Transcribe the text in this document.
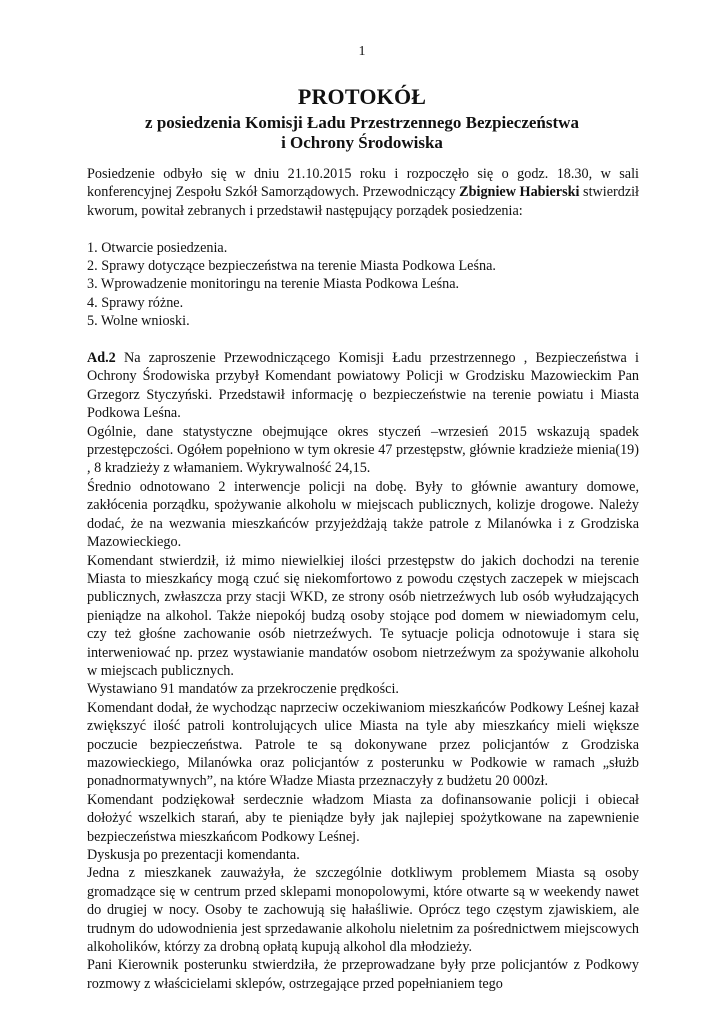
1
PROTOKÓŁ
z posiedzenia Komisji Ładu Przestrzennego Bezpieczeństwa
i Ochrony Środowiska

Posiedzenie odbyło się w dniu 21.10.2015 roku i rozpoczęło się o godz. 18.30, w sali konferencyjnej Zespołu Szkół Samorządowych. Przewodniczący Zbigniew Habierski stwierdził kworum, powitał zebranych i przedstawił następujący porządek posiedzenia:

1. Otwarcie posiedzenia.

2. Sprawy dotyczące bezpieczeństwa na terenie Miasta Podkowa Leśna.

3. Wprowadzenie monitoringu na terenie Miasta Podkowa Leśna.

4. Sprawy różne.

5. Wolne wnioski.

Ad.2 Na zaproszenie Przewodniczącego Komisji Ładu przestrzennego , Bezpieczeństwa i Ochrony Środowiska przybył Komendant powiatowy Policji w Grodzisku Mazowieckim Pan Grzegorz Styczyński. Przedstawił informację o bezpieczeństwie na terenie powiatu i Miasta Podkowa Leśna.

Ogólnie, dane statystyczne obejmujące okres styczeń –wrzesień 2015 wskazują spadek przestępczości. Ogółem popełniono w tym okresie 47 przestępstw, głównie kradzieże mienia(19) , 8 kradzieży z włamaniem. Wykrywalność 24,15.

Średnio odnotowano 2 interwencje policji na dobę. Były to głównie awantury domowe, zakłócenia porządku, spożywanie alkoholu w miejscach publicznych, kolizje drogowe. Należy dodać, że na wezwania mieszkańców przyjeżdżają także patrole z Milanówka i z Grodziska Mazowieckiego.

Komendant stwierdził, iż mimo niewielkiej ilości przestępstw do jakich dochodzi na terenie Miasta to mieszkańcy mogą czuć się niekomfortowo z powodu częstych zaczepek w miejscach publicznych, zwłaszcza przy stacji WKD, ze strony osób nietrzeźwych lub osób wyłudzających pieniądze na alkohol. Także niepokój budzą osoby stojące pod domem w niewiadomym celu, czy też głośne zachowanie osób nietrzeźwych. Te sytuacje policja odnotowuje i stara się interweniować np. przez wystawianie mandatów osobom nietrzeźwym za spożywanie alkoholu w miejscach publicznych.

Wystawiano 91 mandatów za przekroczenie prędkości.

Komendant dodał, że wychodząc naprzeciw oczekiwaniom mieszkańców Podkowy Leśnej kazał zwiększyć ilość patroli kontrolujących ulice Miasta na tyle aby mieszkańcy mieli większe poczucie bezpieczeństwa. Patrole te są dokonywane przez policjantów z Grodziska mazowieckiego, Milanówka oraz policjantów z posterunku w Podkowie w ramach „służb ponadnormatywnych”, na które Władze Miasta przeznaczyły z budżetu 20 000zł.

Komendant podziękował serdecznie władzom Miasta za dofinansowanie policji i obiecał dołożyć wszelkich starań, aby te pieniądze były jak najlepiej spożytkowane na zapewnienie bezpieczeństwa mieszkańcom Podkowy Leśnej.

Dyskusja po prezentacji komendanta.

Jedna z mieszkanek zauważyła, że szczególnie dotkliwym problemem Miasta są osoby gromadzące się w centrum przed sklepami monopolowymi, które otwarte są w weekendy nawet do drugiej w nocy. Osoby te zachowują się hałaśliwie. Oprócz tego częstym zjawiskiem, ale trudnym do udowodnienia jest sprzedawanie alkoholu nieletnim za pośrednictwem miejscowych alkoholików, którzy za drobną opłatą kupują alkohol dla młodzieży.

Pani Kierownik posterunku stwierdziła, że przeprowadzane były prze policjantów z Podkowy rozmowy z właścicielami sklepów, ostrzegające przed popełnianiem tego
